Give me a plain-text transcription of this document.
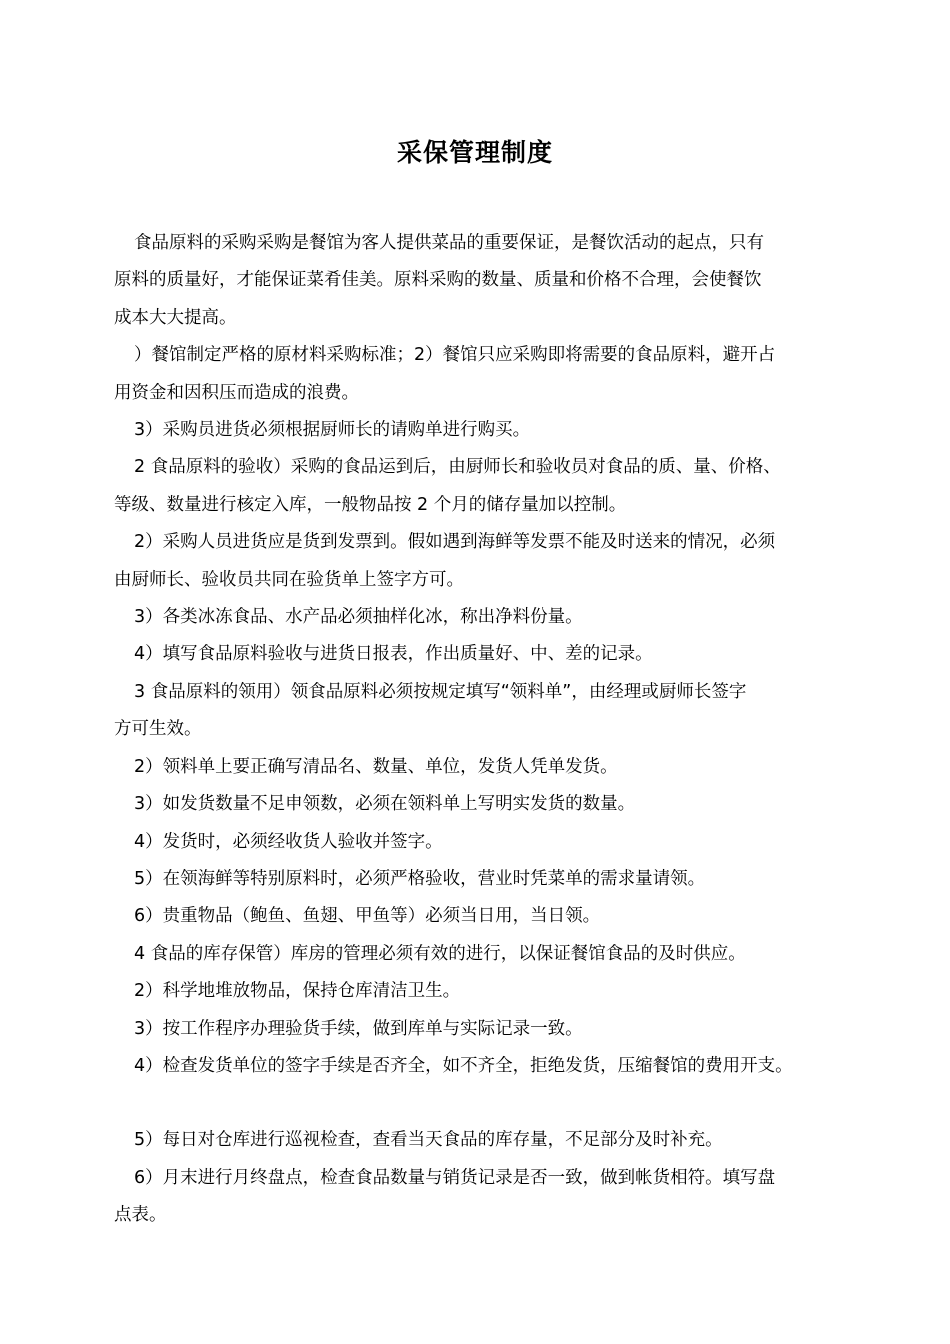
采保管理制度

食品原料的采购采购是餐馆为客人提供菜品的重要保证，是餐饮活动的起点，只有

原料的质量好，才能保证菜肴佳美。原料采购的数量、质量和价格不合理，会使餐饮

成本大大提高。

）餐馆制定严格的原材料采购标准；2）餐馆只应采购即将需要的食品原料，避开占

用资金和因积压而造成的浪费。

3）采购员进货必须根据厨师长的请购单进行购买。

2 食品原料的验收）采购的食品运到后，由厨师长和验收员对食品的质、量、价格、

等级、数量进行核定入库，一般物品按 2 个月的储存量加以控制。

2）采购人员进货应是货到发票到。假如遇到海鲜等发票不能及时送来的情况，必须

由厨师长、验收员共同在验货单上签字方可。

3）各类冰冻食品、水产品必须抽样化冰，称出净料份量。

4）填写食品原料验收与进货日报表，作出质量好、中、差的记录。

3 食品原料的领用）领食品原料必须按规定填写“领料单”，由经理或厨师长签字

方可生效。

2）领料单上要正确写清品名、数量、单位，发货人凭单发货。

3）如发货数量不足申领数，必须在领料单上写明实发货的数量。

4）发货时，必须经收货人验收并签字。

5）在领海鲜等特别原料时，必须严格验收，营业时凭菜单的需求量请领。

6）贵重物品（鲍鱼、鱼翅、甲鱼等）必须当日用，当日领。

4 食品的库存保管）库房的管理必须有效的进行，以保证餐馆食品的及时供应。

2）科学地堆放物品，保持仓库清洁卫生。

3）按工作程序办理验货手续，做到库单与实际记录一致。

4）检查发货单位的签字手续是否齐全，如不齐全，拒绝发货，压缩餐馆的费用开支。

5）每日对仓库进行巡视检查，查看当天食品的库存量，不足部分及时补充。

6）月末进行月终盘点，检查食品数量与销货记录是否一致，做到帐货相符。填写盘

点表。
